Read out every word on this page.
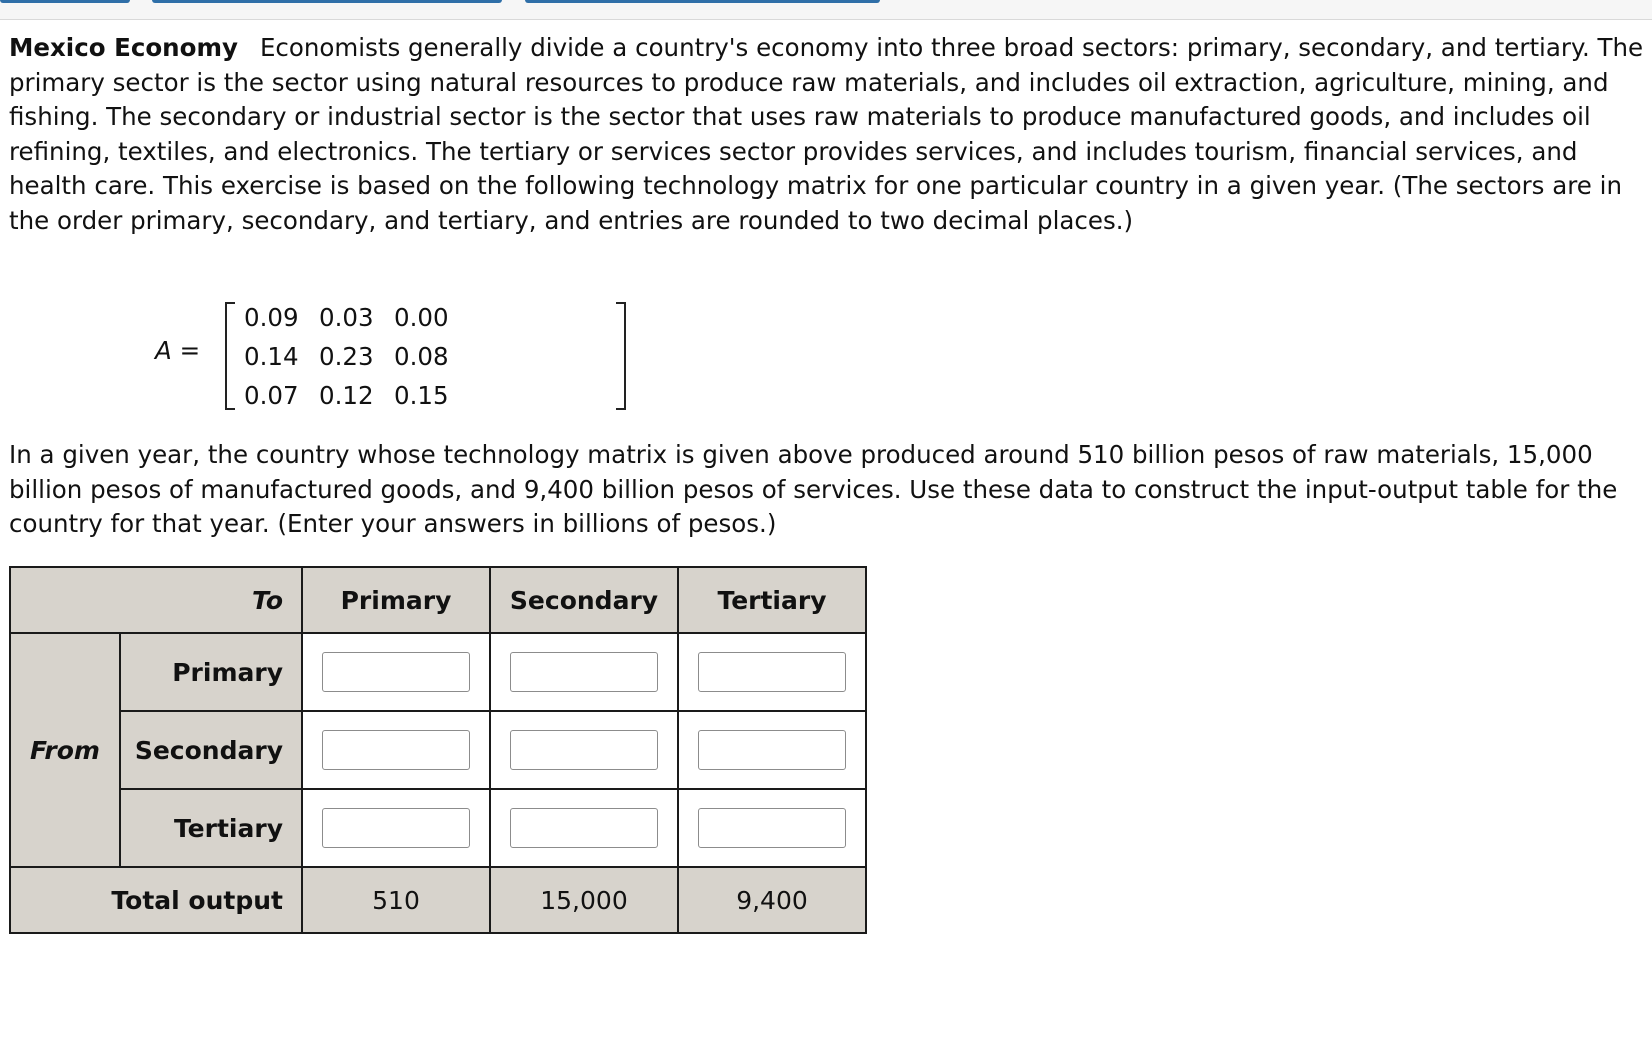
Mexico Economy Economists generally divide a country's economy into three broad sectors: primary, secondary, and tertiary. The primary sector is the sector using natural resources to produce raw materials, and includes oil extraction, agriculture, mining, and fishing. The secondary or industrial sector is the sector that uses raw materials to produce manufactured goods, and includes oil refining, textiles, and electronics. The tertiary or services sector provides services, and includes tourism, financial services, and health care. This exercise is based on the following technology matrix for one particular country in a given year. (The sectors are in the order primary, secondary, and tertiary, and entries are rounded to two decimal places.)

A =
0.09 0.03 0.00
0.14 0.23 0.08
0.07 0.12 0.15

In a given year, the country whose technology matrix is given above produced around 510 billion pesos of raw materials, 15,000 billion pesos of manufactured goods, and 9,400 billion pesos of services. Use these data to construct the input-output table for the country for that year. (Enter your answers in billions of pesos.)

To		Primary	Secondary	Tertiary
From	Primary			
	Secondary			
	Tertiary			
Total output		510	15,000	9,400
